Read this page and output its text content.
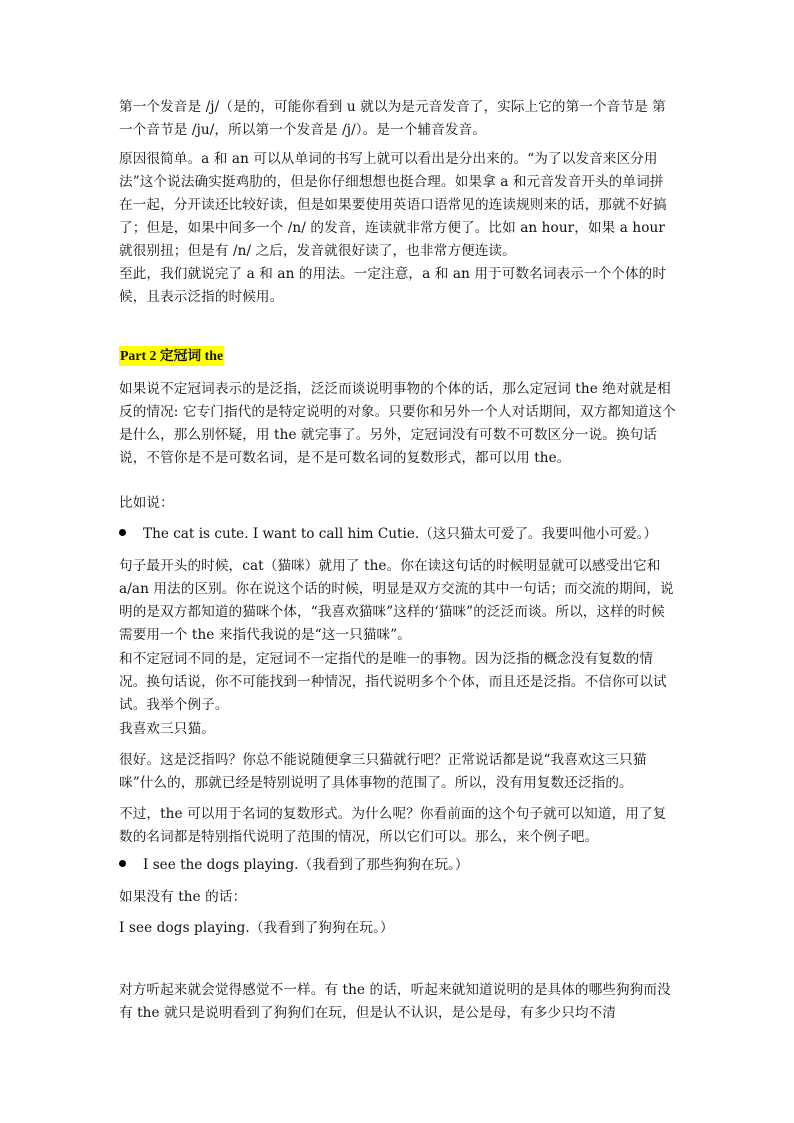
第一个发音是 /j/（是的，可能你看到 u 就以为是元音发音了，实际上它的第一个音节是 第一个音节是 /ju/，所以第一个发音是 /j/）。是一个辅音发音。

原因很简单。a 和 an 可以从单词的书写上就可以看出是分出来的。“为了以发音来区分用法”这个说法确实挺鸡肋的，但是你仔细想想也挺合理。如果拿 a 和元音发音开头的单词拼在一起，分开读还比较好读，但是如果要使用英语口语常见的连读规则来的话，那就不好搞了；但是，如果中间多一个 /n/ 的发音，连读就非常方便了。比如 an hour，如果 a hour 就很别扭；但是有 /n/ 之后，发音就很好读了，也非常方便连读。

至此，我们就说完了 a 和 an 的用法。一定注意，a 和 an 用于可数名词表示一个个体的时候，且表示泛指的时候用。

Part 2 定冠词 the

如果说不定冠词表示的是泛指，泛泛而谈说明事物的个体的话，那么定冠词 the 绝对就是相反的情况: 它专门指代的是特定说明的对象。只要你和另外一个人对话期间，双方都知道这个是什么，那么别怀疑，用 the 就完事了。另外，定冠词没有可数不可数区分一说。换句话说，不管你是不是可数名词，是不是可数名词的复数形式，都可以用 the。

比如说：

The cat is cute. I want to call him Cutie.（这只猫太可爱了。我要叫他小可爱。）

句子最开头的时候，cat（猫咪）就用了 the。你在读这句话的时候明显就可以感受出它和 a/an 用法的区别。你在说这个话的时候，明显是双方交流的其中一句话；而交流的期间，说明的是双方都知道的猫咪个体，“我喜欢猫咪”这样的‘猫咪”的泛泛而谈。所以，这样的时候需要用一个 the 来指代我说的是“这一只猫咪”。

和不定冠词不同的是，定冠词不一定指代的是唯一的事物。因为泛指的概念没有复数的情况。换句话说，你不可能找到一种情况，指代说明多个个体，而且还是泛指。不信你可以试试。我举个例子。

我喜欢三只猫。

很好。这是泛指吗？你总不能说随便拿三只猫就行吧？正常说话都是说“我喜欢这三只猫咪”什么的，那就已经是特别说明了具体事物的范围了。所以，没有用复数还泛指的。

不过，the 可以用于名词的复数形式。为什么呢？你看前面的这个句子就可以知道，用了复数的名词都是特别指代说明了范围的情况，所以它们可以。那么，来个例子吧。

I see the dogs playing.（我看到了那些狗狗在玩。）

如果没有 the 的话：

I see dogs playing.（我看到了狗狗在玩。）

对方听起来就会觉得感觉不一样。有 the 的话，听起来就知道说明的是具体的哪些狗狗而没有 the 就只是说明看到了狗狗们在玩，但是认不认识，是公是母，有多少只均不清
